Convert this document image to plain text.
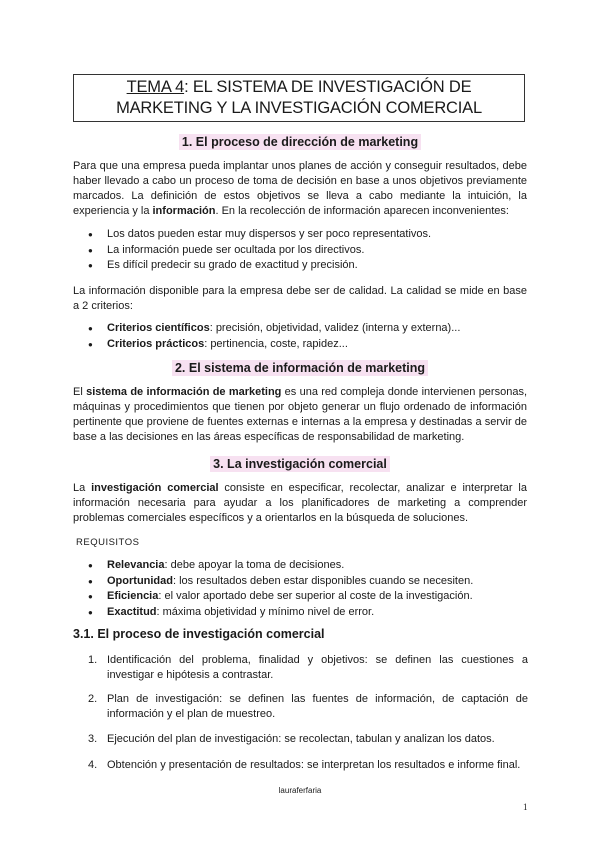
TEMA 4: EL SISTEMA DE INVESTIGACIÓN DE
MARKETING Y LA INVESTIGACIÓN COMERCIAL
1. El proceso de dirección de marketing
Para que una empresa pueda implantar unos planes de acción y conseguir resultados, debe haber llevado a cabo un proceso de toma de decisión en base a unos objetivos previamente marcados. La definición de estos objetivos se lleva a cabo mediante la intuición, la experiencia y la información. En la recolección de información aparecen inconvenientes:
● Los datos pueden estar muy dispersos y ser poco representativos.
● La información puede ser ocultada por los directivos.
● Es difícil predecir su grado de exactitud y precisión.
La información disponible para la empresa debe ser de calidad. La calidad se mide en base a 2 criterios:
● Criterios científicos: precisión, objetividad, validez (interna y externa)...
● Criterios prácticos: pertinencia, coste, rapidez...
2. El sistema de información de marketing
El sistema de información de marketing es una red compleja donde intervienen personas, máquinas y procedimientos que tienen por objeto generar un flujo ordenado de información pertinente que proviene de fuentes externas e internas a la empresa y destinadas a servir de base a las decisiones en las áreas específicas de responsabilidad de marketing.
3. La investigación comercial
La investigación comercial consiste en especificar, recolectar, analizar e interpretar la información necesaria para ayudar a los planificadores de marketing a comprender problemas comerciales específicos y a orientarlos en la búsqueda de soluciones.
REQUISITOS
● Relevancia: debe apoyar la toma de decisiones.
● Oportunidad: los resultados deben estar disponibles cuando se necesiten.
● Eficiencia: el valor aportado debe ser superior al coste de la investigación.
● Exactitud: máxima objetividad y mínimo nivel de error.
3.1. El proceso de investigación comercial
1. Identificación del problema, finalidad y objetivos: se definen las cuestiones a investigar e hipótesis a contrastar.
2. Plan de investigación: se definen las fuentes de información, de captación de información y el plan de muestreo.
3. Ejecución del plan de investigación: se recolectan, tabulan y analizan los datos.
4. Obtención y presentación de resultados: se interpretan los resultados e informe final.
lauraferfaria
1
